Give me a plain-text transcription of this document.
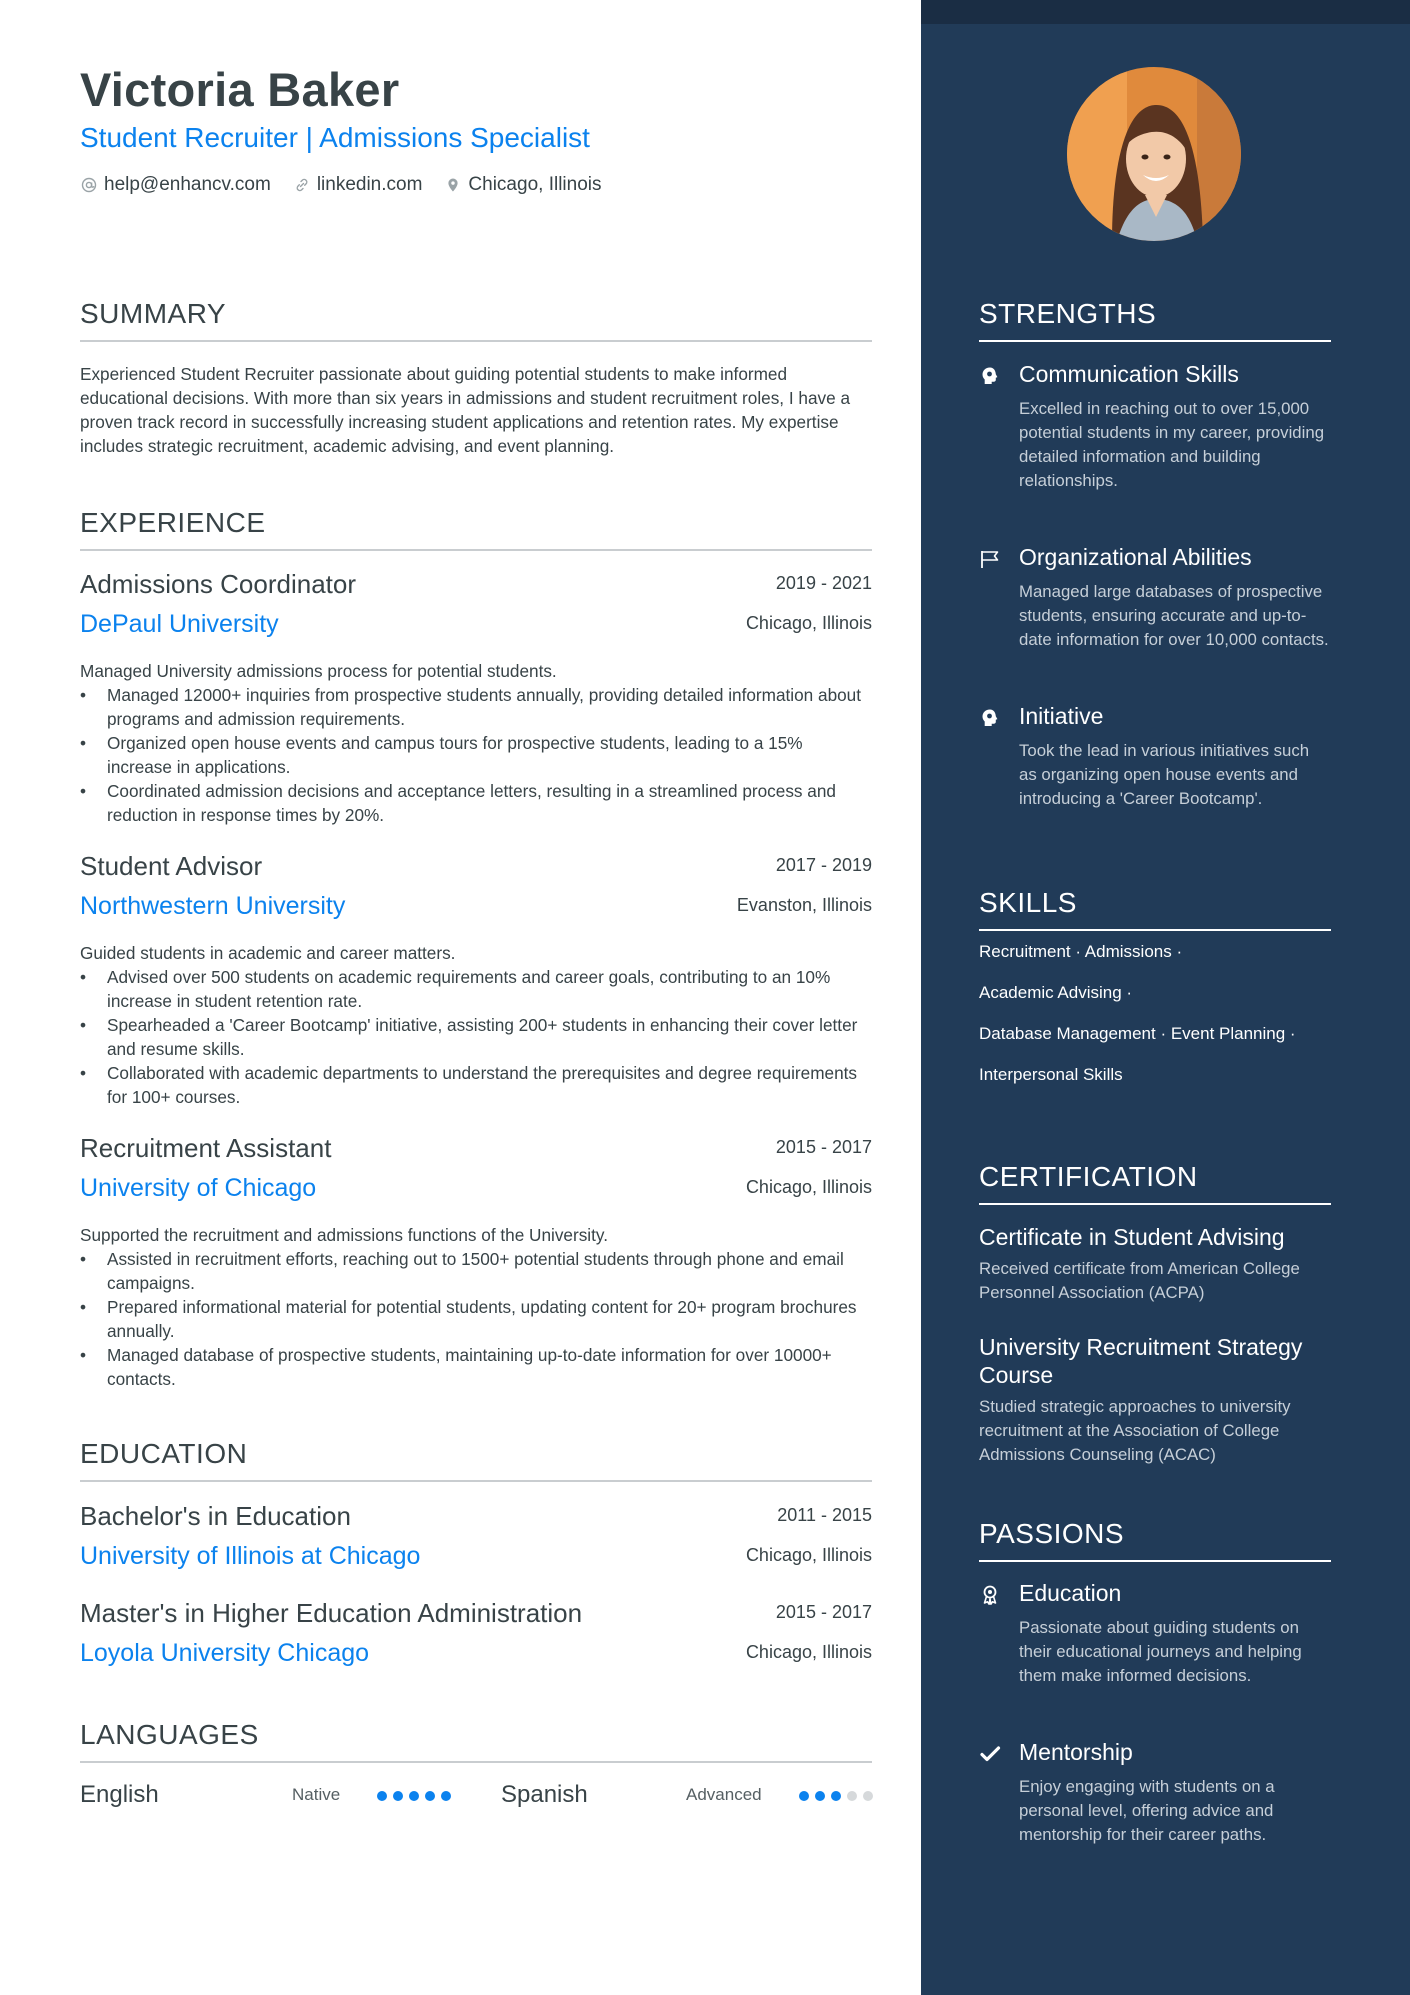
Victoria Baker
Student Recruiter | Admissions Specialist
help@enhancv.com linkedin.com Chicago, Illinois
SUMMARY
Experienced Student Recruiter passionate about guiding potential students to make informed educational decisions. With more than six years in admissions and student recruitment roles, I have a proven track record in successfully increasing student applications and retention rates. My expertise includes strategic recruitment, academic advising, and event planning.
EXPERIENCE
Admissions Coordinator	2019 - 2021
DePaul University	Chicago, Illinois
Managed University admissions process for potential students.
• Managed 12000+ inquiries from prospective students annually, providing detailed information about programs and admission requirements.
• Organized open house events and campus tours for prospective students, leading to a 15% increase in applications.
• Coordinated admission decisions and acceptance letters, resulting in a streamlined process and reduction in response times by 20%.
Student Advisor	2017 - 2019
Northwestern University	Evanston, Illinois
Guided students in academic and career matters.
• Advised over 500 students on academic requirements and career goals, contributing to an 10% increase in student retention rate.
• Spearheaded a 'Career Bootcamp' initiative, assisting 200+ students in enhancing their cover letter and resume skills.
• Collaborated with academic departments to understand the prerequisites and degree requirements for 100+ courses.
Recruitment Assistant	2015 - 2017
University of Chicago	Chicago, Illinois
Supported the recruitment and admissions functions of the University.
• Assisted in recruitment efforts, reaching out to 1500+ potential students through phone and email campaigns.
• Prepared informational material for potential students, updating content for 20+ program brochures annually.
• Managed database of prospective students, maintaining up-to-date information for over 10000+ contacts.
EDUCATION
Bachelor's in Education	2011 - 2015
University of Illinois at Chicago	Chicago, Illinois
Master's in Higher Education Administration	2015 - 2017
Loyola University Chicago	Chicago, Illinois
LANGUAGES
English	Native	Spanish	Advanced
STRENGTHS
Communication Skills
Excelled in reaching out to over 15,000 potential students in my career, providing detailed information and building relationships.
Organizational Abilities
Managed large databases of prospective students, ensuring accurate and up-to-date information for over 10,000 contacts.
Initiative
Took the lead in various initiatives such as organizing open house events and introducing a 'Career Bootcamp'.
SKILLS
Recruitment · Admissions ·
Academic Advising ·
Database Management · Event Planning ·
Interpersonal Skills
CERTIFICATION
Certificate in Student Advising
Received certificate from American College Personnel Association (ACPA)
University Recruitment Strategy Course
Studied strategic approaches to university recruitment at the Association of College Admissions Counseling (ACAC)
PASSIONS
Education
Passionate about guiding students on their educational journeys and helping them make informed decisions.
Mentorship
Enjoy engaging with students on a personal level, offering advice and mentorship for their career paths.
